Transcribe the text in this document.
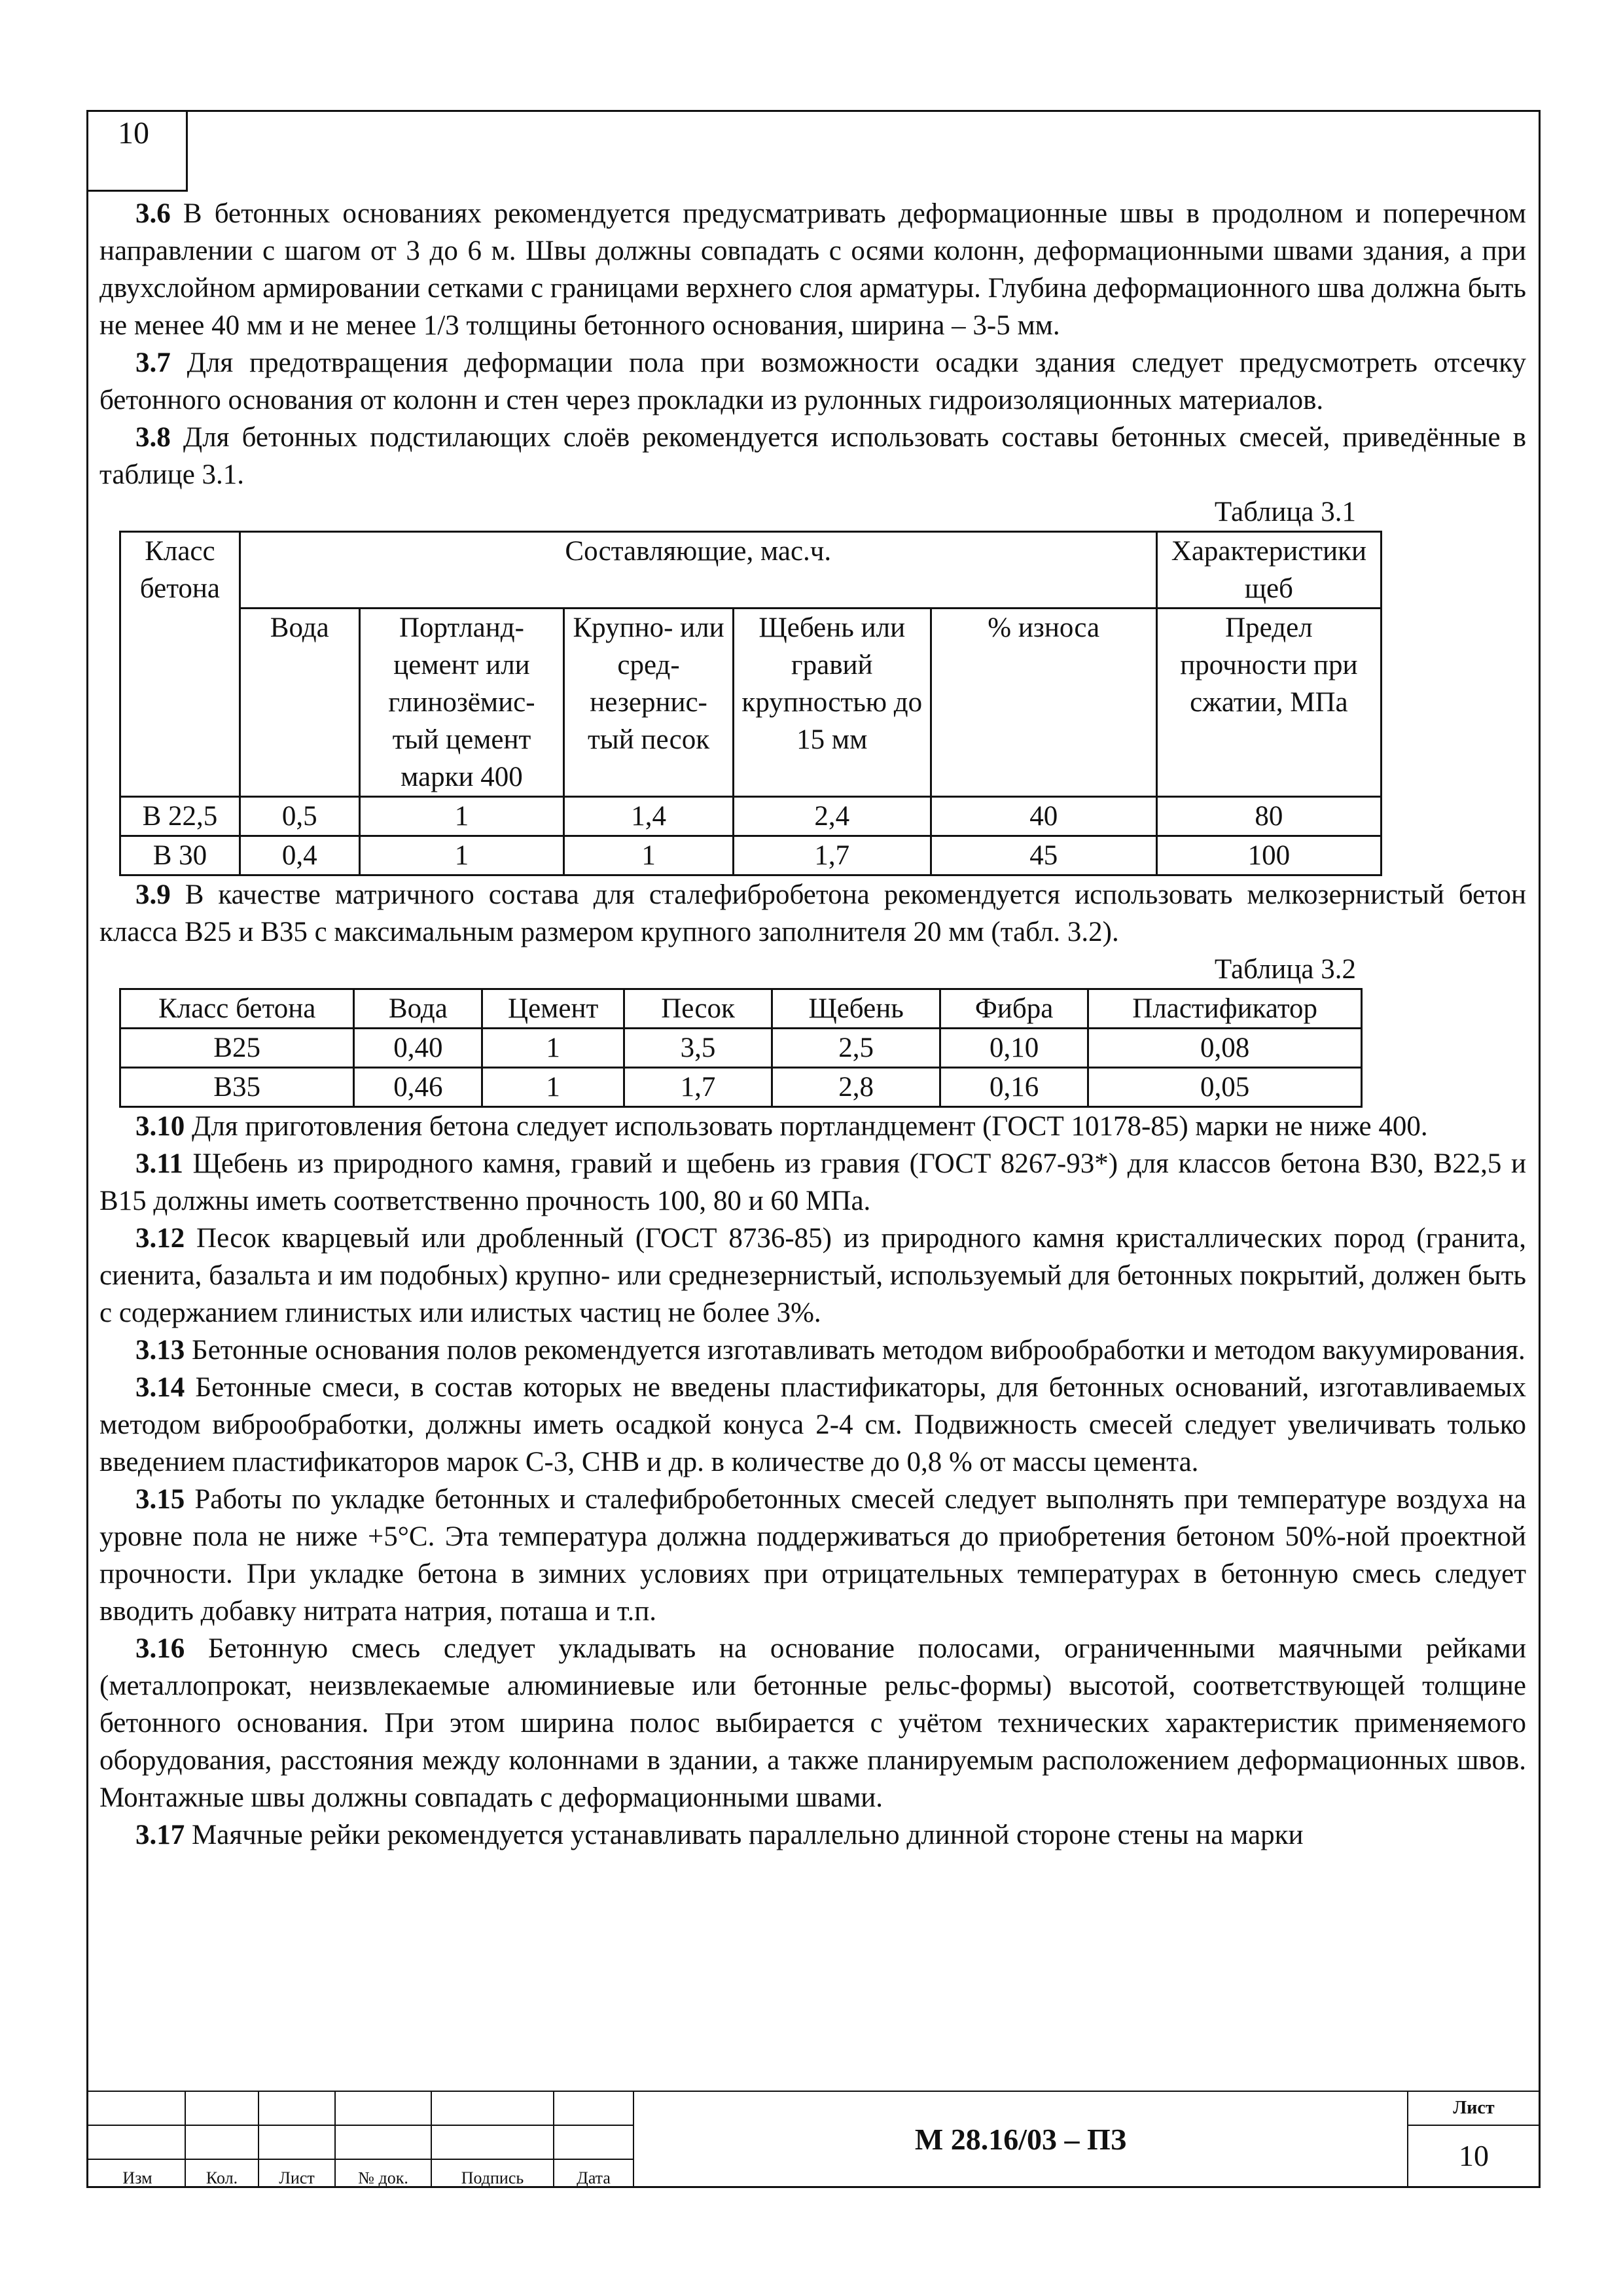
10

3.6 В бетонных основаниях рекомендуется предусматривать деформационные швы в продолном и поперечном направлении с шагом от 3 до 6 м. Швы должны совпадать с осями колонн, деформационными швами здания, а при двухслойном армировании сетками с границами верхнего слоя арматуры. Глубина деформационного шва должна быть не менее 40 мм и не менее 1/3 толщины бетонного основания, ширина – 3-5 мм.

3.7 Для предотвращения деформации пола при возможности осадки здания следует предусмотреть отсечку бетонного основания от колонн и стен через прокладки из рулонных гидроизоляционных материалов.

3.8 Для бетонных подстилающих слоёв рекомендуется использовать составы бетонных смесей, приведённые в таблице 3.1.

Таблица 3.1

Класс бетона	Составляющие, мас.ч.					Характеристики щеб
	Вода	Портланд-цемент или глинозёмис-тый цемент марки 400	Крупно- или сред-незернис-тый песок	Щебень или гравий крупностью до 15 мм	% износа	Предел прочности при сжатии, МПа
В 22,5	0,5	1	1,4	2,4	40	80
В 30	0,4	1	1	1,7	45	100

3.9 В качестве матричного состава для сталефибробетона рекомендуется использовать мелкозернистый бетон класса В25 и В35 с максимальным размером крупного заполнителя 20 мм (табл. 3.2).

Таблица 3.2

Класс бетона	Вода	Цемент	Песок	Щебень	Фибра	Пластификатор
В25	0,40	1	3,5	2,5	0,10	0,08
В35	0,46	1	1,7	2,8	0,16	0,05

3.10 Для приготовления бетона следует использовать портландцемент (ГОСТ 10178-85) марки не ниже 400.

3.11 Щебень из природного камня, гравий и щебень из гравия (ГОСТ 8267-93*) для классов бетона В30, В22,5 и В15 должны иметь соответственно прочность 100, 80 и 60 МПа.

3.12 Песок кварцевый или дробленный (ГОСТ 8736-85) из природного камня кристаллических пород (гранита, сиенита, базальта и им подобных) крупно- или среднезернистый, используемый для бетонных покрытий, должен быть с содержанием глинистых или илистых частиц не более 3%.

3.13 Бетонные основания полов рекомендуется изготавливать методом виброобработки и методом вакуумирования.

3.14 Бетонные смеси, в состав которых не введены пластификаторы, для бетонных оснований, изготавливаемых методом виброобработки, должны иметь осадкой конуса 2-4 см. Подвижность смесей следует увеличивать только введением пластификаторов марок С-3, СНВ и др. в количестве до 0,8 % от массы цемента.

3.15 Работы по укладке бетонных и сталефибробетонных смесей следует выполнять при температуре воздуха на уровне пола не ниже +5°С. Эта температура должна поддерживаться до приобретения бетоном 50%-ной проектной прочности. При укладке бетона в зимних условиях при отрицательных температурах в бетонную смесь следует вводить добавку нитрата натрия, поташа и т.п.

3.16 Бетонную смесь следует укладывать на основание полосами, ограниченными маячными рейками (металлопрокат, неизвлекаемые алюминиевые или бетонные рельс-формы) высотой, соответствующей толщине бетонного основания. При этом ширина полос выбирается с учётом технических характеристик применяемого оборудования, расстояния между колоннами в здании, а также планируемым расположением деформационных швов. Монтажные швы должны совпадать с деформационными швами.

3.17 Маячные рейки рекомендуется устанавливать параллельно длинной стороне стены на марки

						М 28.16/03 – ПЗ	Лист
							10
Изм	Кол.	Лист	№ док.	Подпись	Дата		
